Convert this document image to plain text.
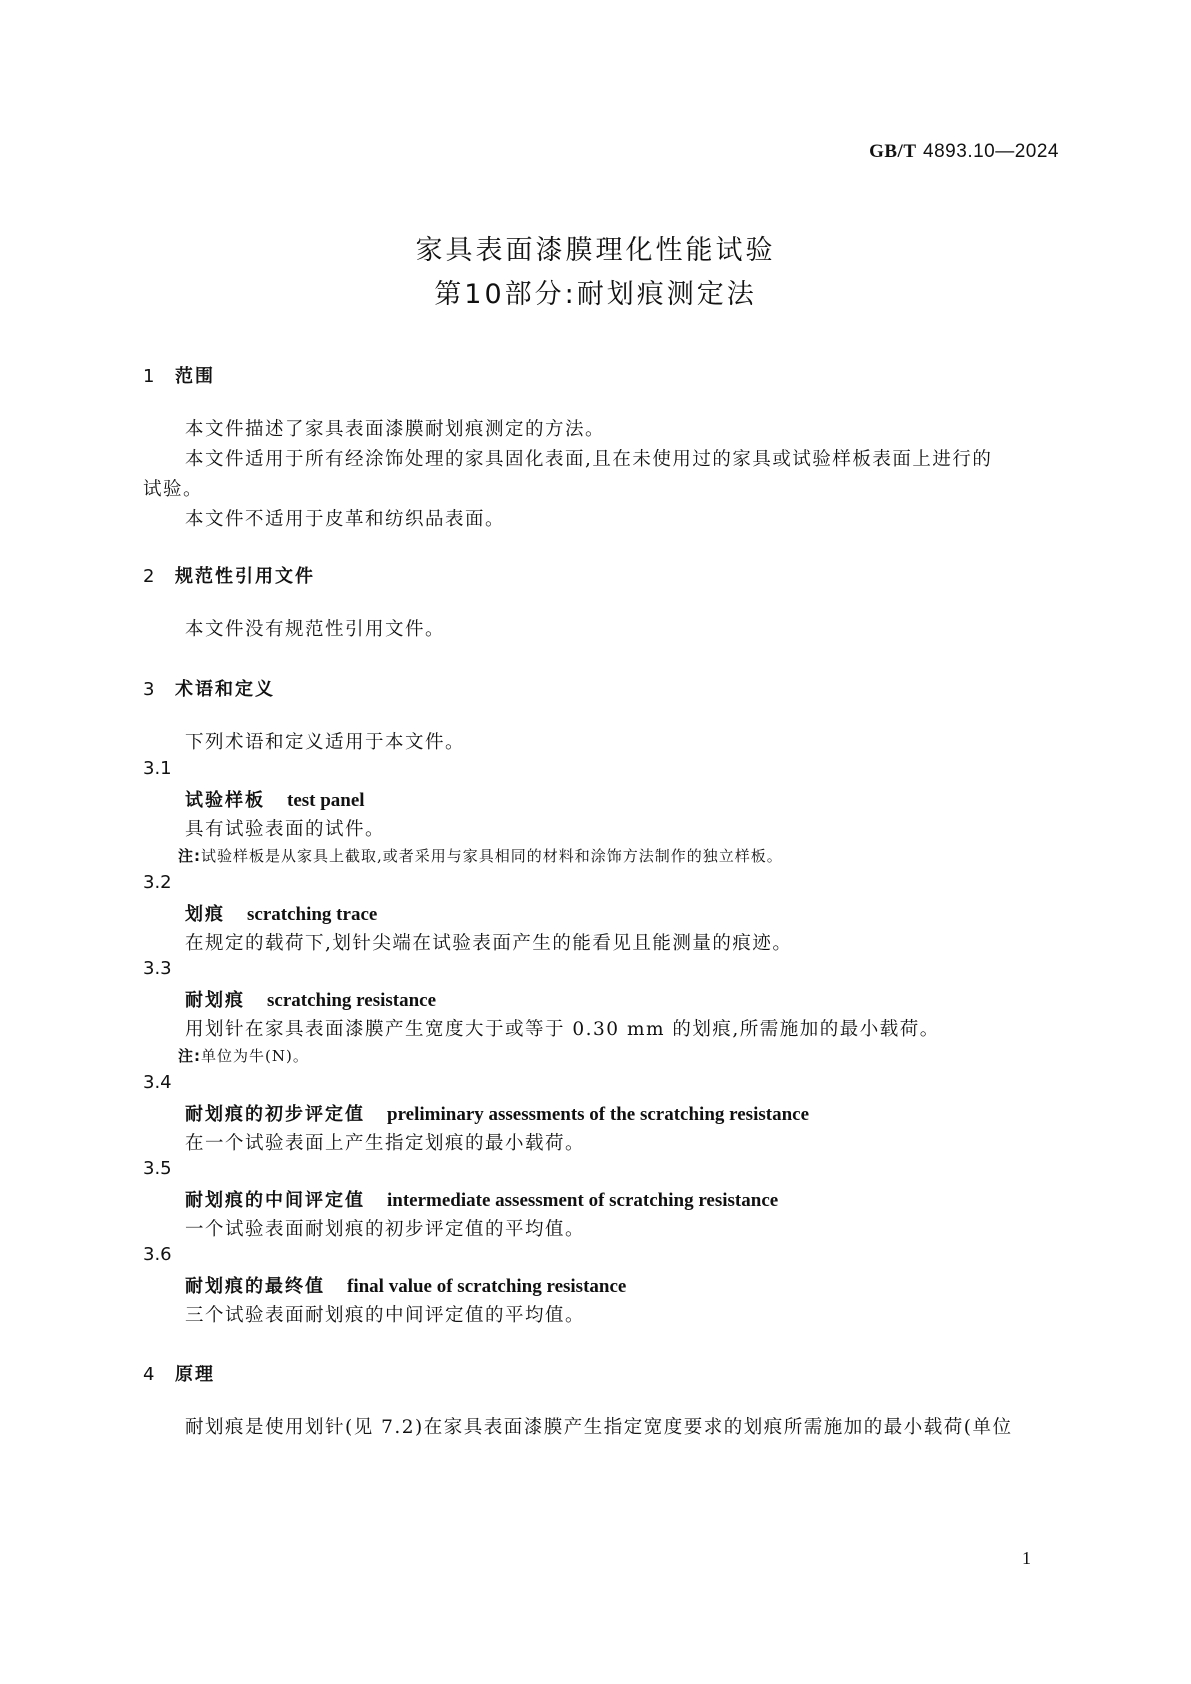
GB/T 4893.10—2024
家具表面漆膜理化性能试验
第10部分:耐划痕测定法
1 范围
本文件描述了家具表面漆膜耐划痕测定的方法。
本文件适用于所有经涂饰处理的家具固化表面,且在未使用过的家具或试验样板表面上进行的
试验。
本文件不适用于皮革和纺织品表面。
2 规范性引用文件
本文件没有规范性引用文件。
3 术语和定义
下列术语和定义适用于本文件。
3.1
试验样板 test panel
具有试验表面的试件。
注:试验样板是从家具上截取,或者采用与家具相同的材料和涂饰方法制作的独立样板。
3.2
划痕 scratching trace
在规定的载荷下,划针尖端在试验表面产生的能看见且能测量的痕迹。
3.3
耐划痕 scratching resistance
用划针在家具表面漆膜产生宽度大于或等于 0.30 mm 的划痕,所需施加的最小载荷。
注:单位为牛(N)。
3.4
耐划痕的初步评定值 preliminary assessments of the scratching resistance
在一个试验表面上产生指定划痕的最小载荷。
3.5
耐划痕的中间评定值 intermediate assessment of scratching resistance
一个试验表面耐划痕的初步评定值的平均值。
3.6
耐划痕的最终值 final value of scratching resistance
三个试验表面耐划痕的中间评定值的平均值。
4 原理
耐划痕是使用划针(见 7.2)在家具表面漆膜产生指定宽度要求的划痕所需施加的最小载荷(单位
1
